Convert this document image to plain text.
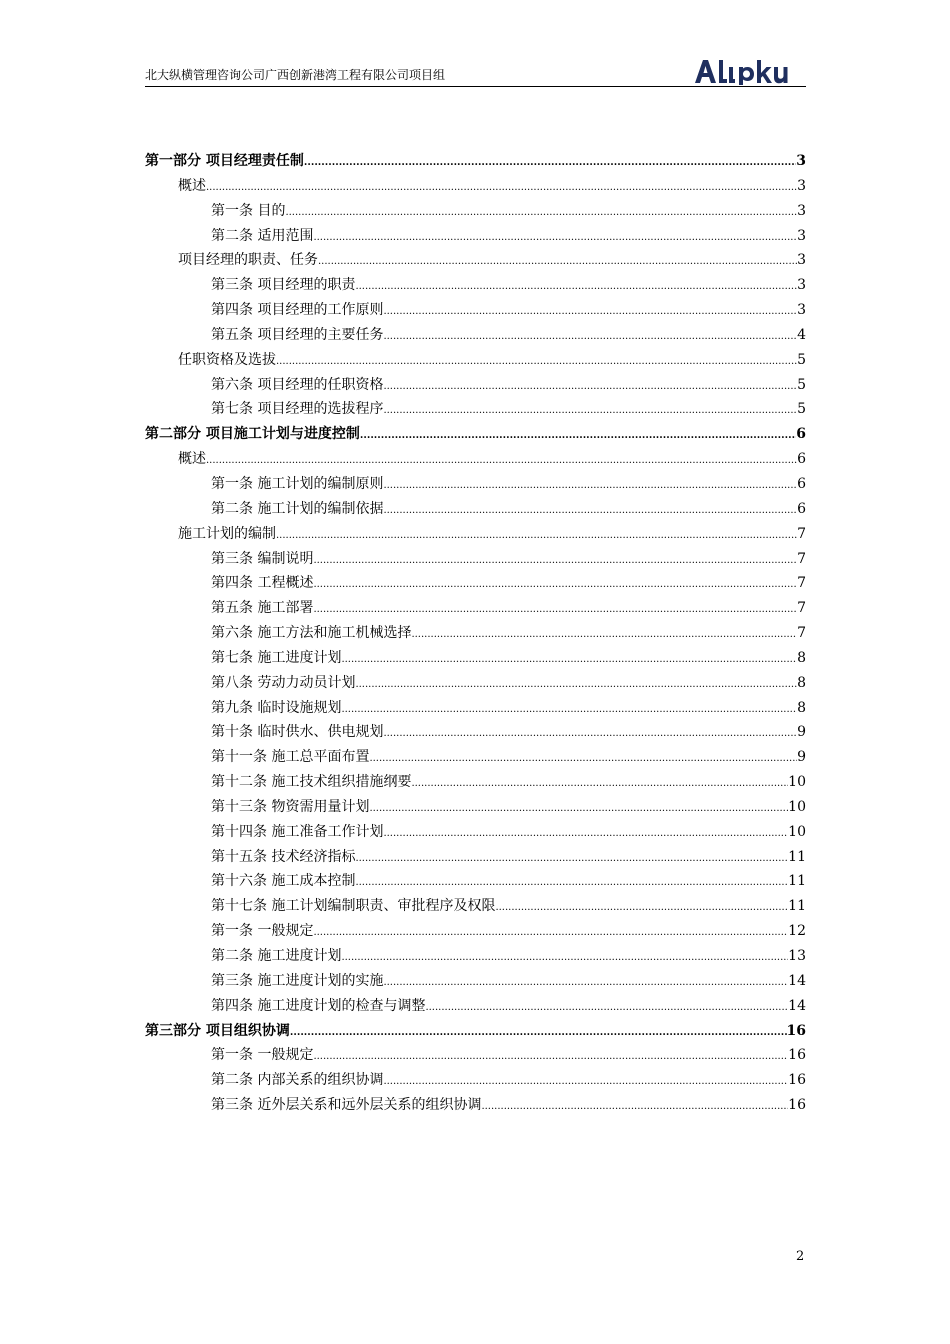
北大纵横管理咨询公司广西创新港湾工程有限公司项目组
第一部分 项目经理责任制 .....	3
概述 .....	3
第一条 目的 .....	3
第二条 适用范围 .....	3
项目经理的职责、任务 .....	3
第三条 项目经理的职责 .....	3
第四条 项目经理的工作原则 .....	3
第五条 项目经理的主要任务 .....	4
任职资格及选拔 .....	5
第六条 项目经理的任职资格 .....	5
第七条 项目经理的选拔程序 .....	5
第二部分 项目施工计划与进度控制 .....	6
概述 .....	6
第一条 施工计划的编制原则 .....	6
第二条 施工计划的编制依据 .....	6
施工计划的编制 .....	7
第三条 编制说明 .....	7
第四条 工程概述 .....	7
第五条 施工部署 .....	7
第六条 施工方法和施工机械选择 .....	7
第七条 施工进度计划 .....	8
第八条 劳动力动员计划 .....	8
第九条 临时设施规划 .....	8
第十条 临时供水、供电规划 .....	9
第十一条 施工总平面布置 .....	9
第十二条 施工技术组织措施纲要 .....	10
第十三条 物资需用量计划 .....	10
第十四条 施工准备工作计划 .....	10
第十五条 技术经济指标 .....	11
第十六条 施工成本控制 .....	11
第十七条 施工计划编制职责、审批程序及权限 .....	11
第一条 一般规定 .....	12
第二条 施工进度计划 .....	13
第三条 施工进度计划的实施 .....	14
第四条 施工进度计划的检查与调整 .....	14
第三部分 项目组织协调 .....	16
第一条 一般规定 .....	16
第二条 内部关系的组织协调 .....	16
第三条 近外层关系和远外层关系的组织协调 .....	16
2
